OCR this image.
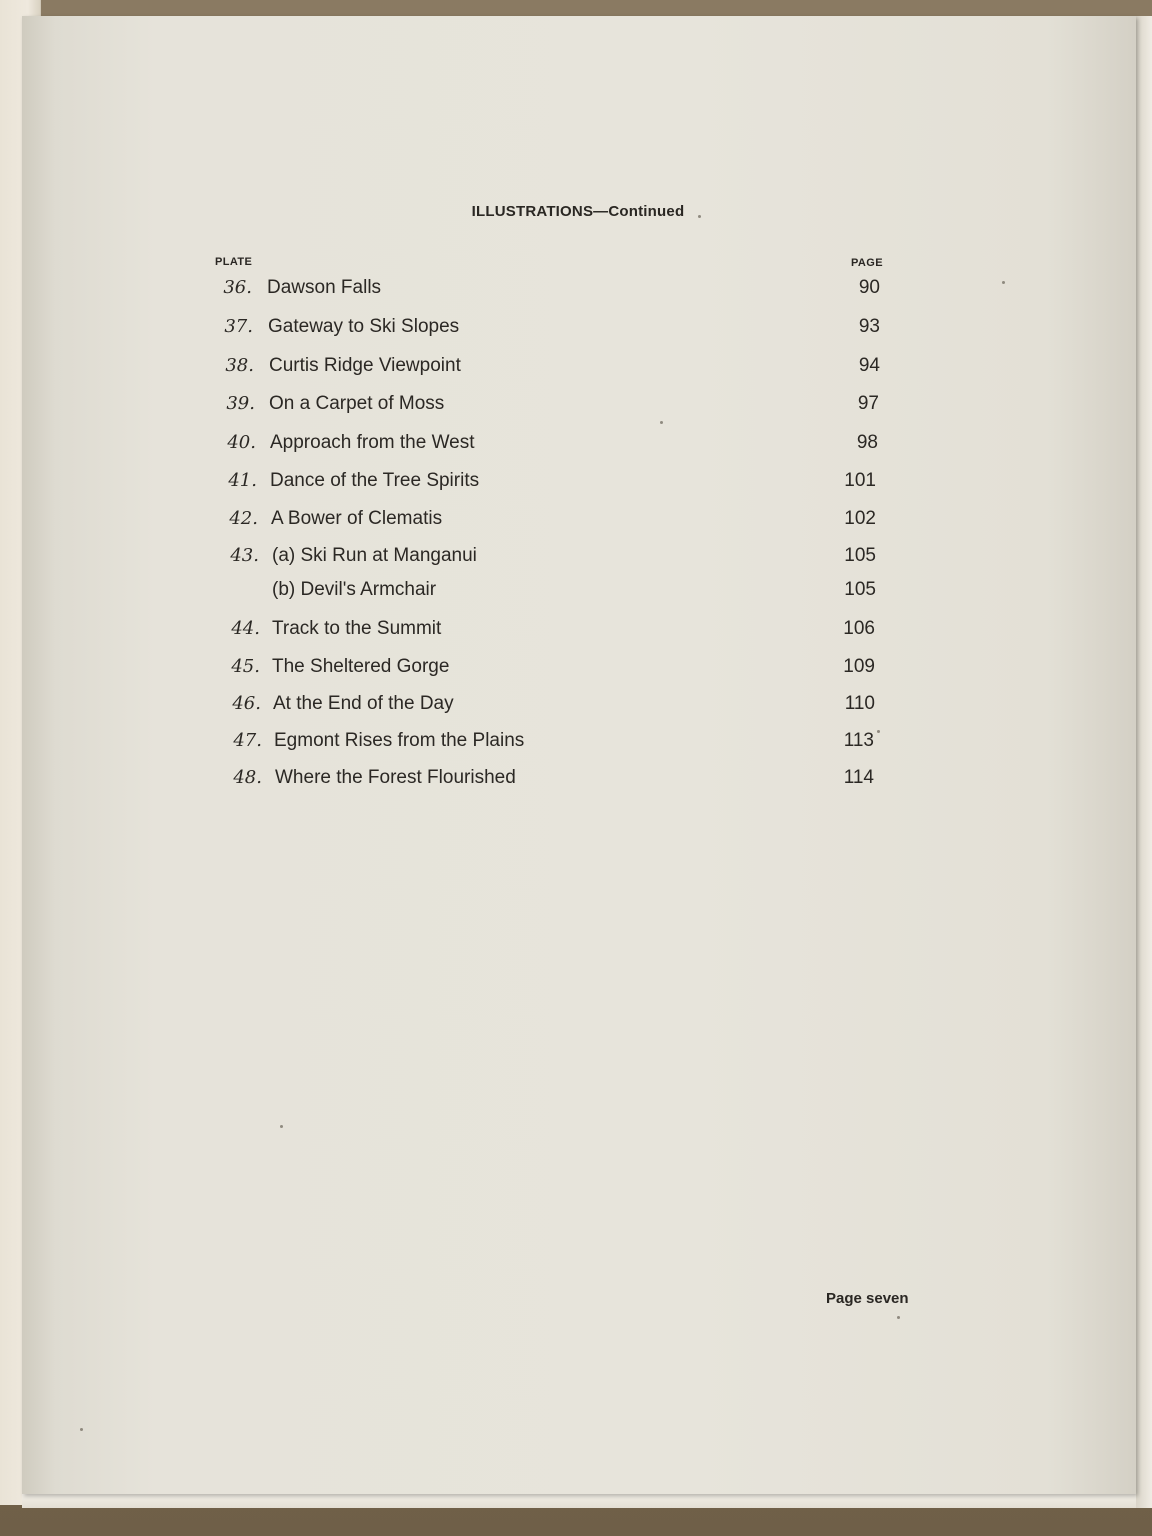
ILLUSTRATIONS—Continued
PLATE	PAGE
36. Dawson Falls	90
37. Gateway to Ski Slopes	93
38. Curtis Ridge Viewpoint	94
39. On a Carpet of Moss	97
40. Approach from the West	98
41. Dance of the Tree Spirits	101
42. A Bower of Clematis	102
43. (a) Ski Run at Manganui	105
(b) Devil's Armchair	105
44. Track to the Summit	106
45. The Sheltered Gorge	109
46. At the End of the Day	110
47. Egmont Rises from the Plains	113
48. Where the Forest Flourished	114
Page seven
